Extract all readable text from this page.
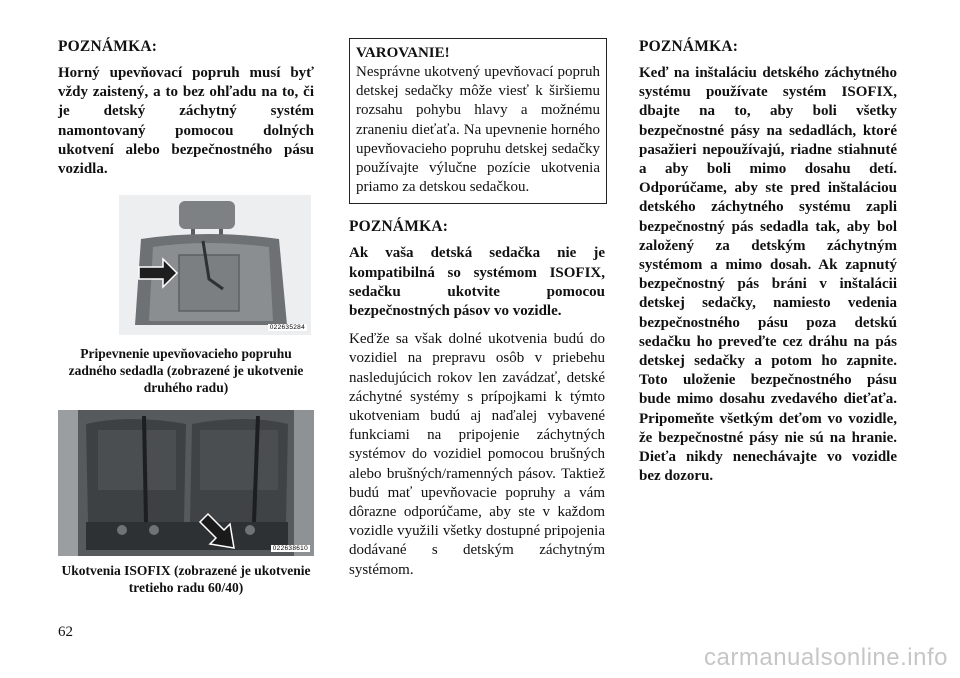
POZNÁMKA:

Horný upevňovací popruh musí byť vždy zaistený, a to bez ohľadu na to, či je detský záchytný systém namontovaný pomocou dolných ukotvení alebo bezpečnostného pásu vozidla.

022635284

Pripevnenie upevňovacieho popruhu zadného sedadla (zobrazené je ukotvenie druhého radu)

022638610

Ukotvenia ISOFIX (zobrazené je ukotvenie tretieho radu 60/40)

VAROVANIE!

Nesprávne ukotvený upevňovací popruh detskej sedačky môže viesť k širšiemu rozsahu pohybu hlavy a možnému zraneniu dieťaťa. Na upevnenie horného upevňovacieho popruhu detskej sedačky používajte výlučne pozície ukotvenia priamo za detskou sedačkou.

POZNÁMKA:

Ak vaša detská sedačka nie je kompatibilná so systémom ISOFIX, sedačku ukotvite pomocou bezpečnostných pásov vo vozidle.

Keďže sa však dolné ukotvenia budú do vozidiel na prepravu osôb v priebehu nasledujúcich rokov len zavádzať, detské záchytné systémy s prípojkami k týmto ukotveniam budú aj naďalej vybavené funkciami na pripojenie záchytných systémov do vozidiel pomocou brušných alebo brušných/ramenných pásov. Taktiež budú mať upevňovacie popruhy a vám dôrazne odporúčame, aby ste v každom vozidle využili všetky dostupné pripojenia dodávané s detským záchytným systémom.

POZNÁMKA:

Keď na inštaláciu detského záchytného systému používate systém ISOFIX, dbajte na to, aby boli všetky bezpečnostné pásy na sedadlách, ktoré pasažieri nepoužívajú, riadne stiahnuté a aby boli mimo dosahu detí. Odporúčame, aby ste pred inštaláciou detského záchytného systému zapli bezpečnostný pás sedadla tak, aby bol založený za detským záchytným systémom a mimo dosah. Ak zapnutý bezpečnostný pás bráni v inštalácii detskej sedačky, namiesto vedenia bezpečnostného pásu poza detskú sedačku ho preveďte cez dráhu na pás detskej sedačky a potom ho zapnite. Toto uloženie bezpečnostného pásu bude mimo dosahu zvedavého dieťaťa. Pripomeňte všetkým deťom vo vozidle, že bezpečnostné pásy nie sú na hranie. Dieťa nikdy nenechávajte vo vozidle bez dozoru.

62
carmanualsonline.info
